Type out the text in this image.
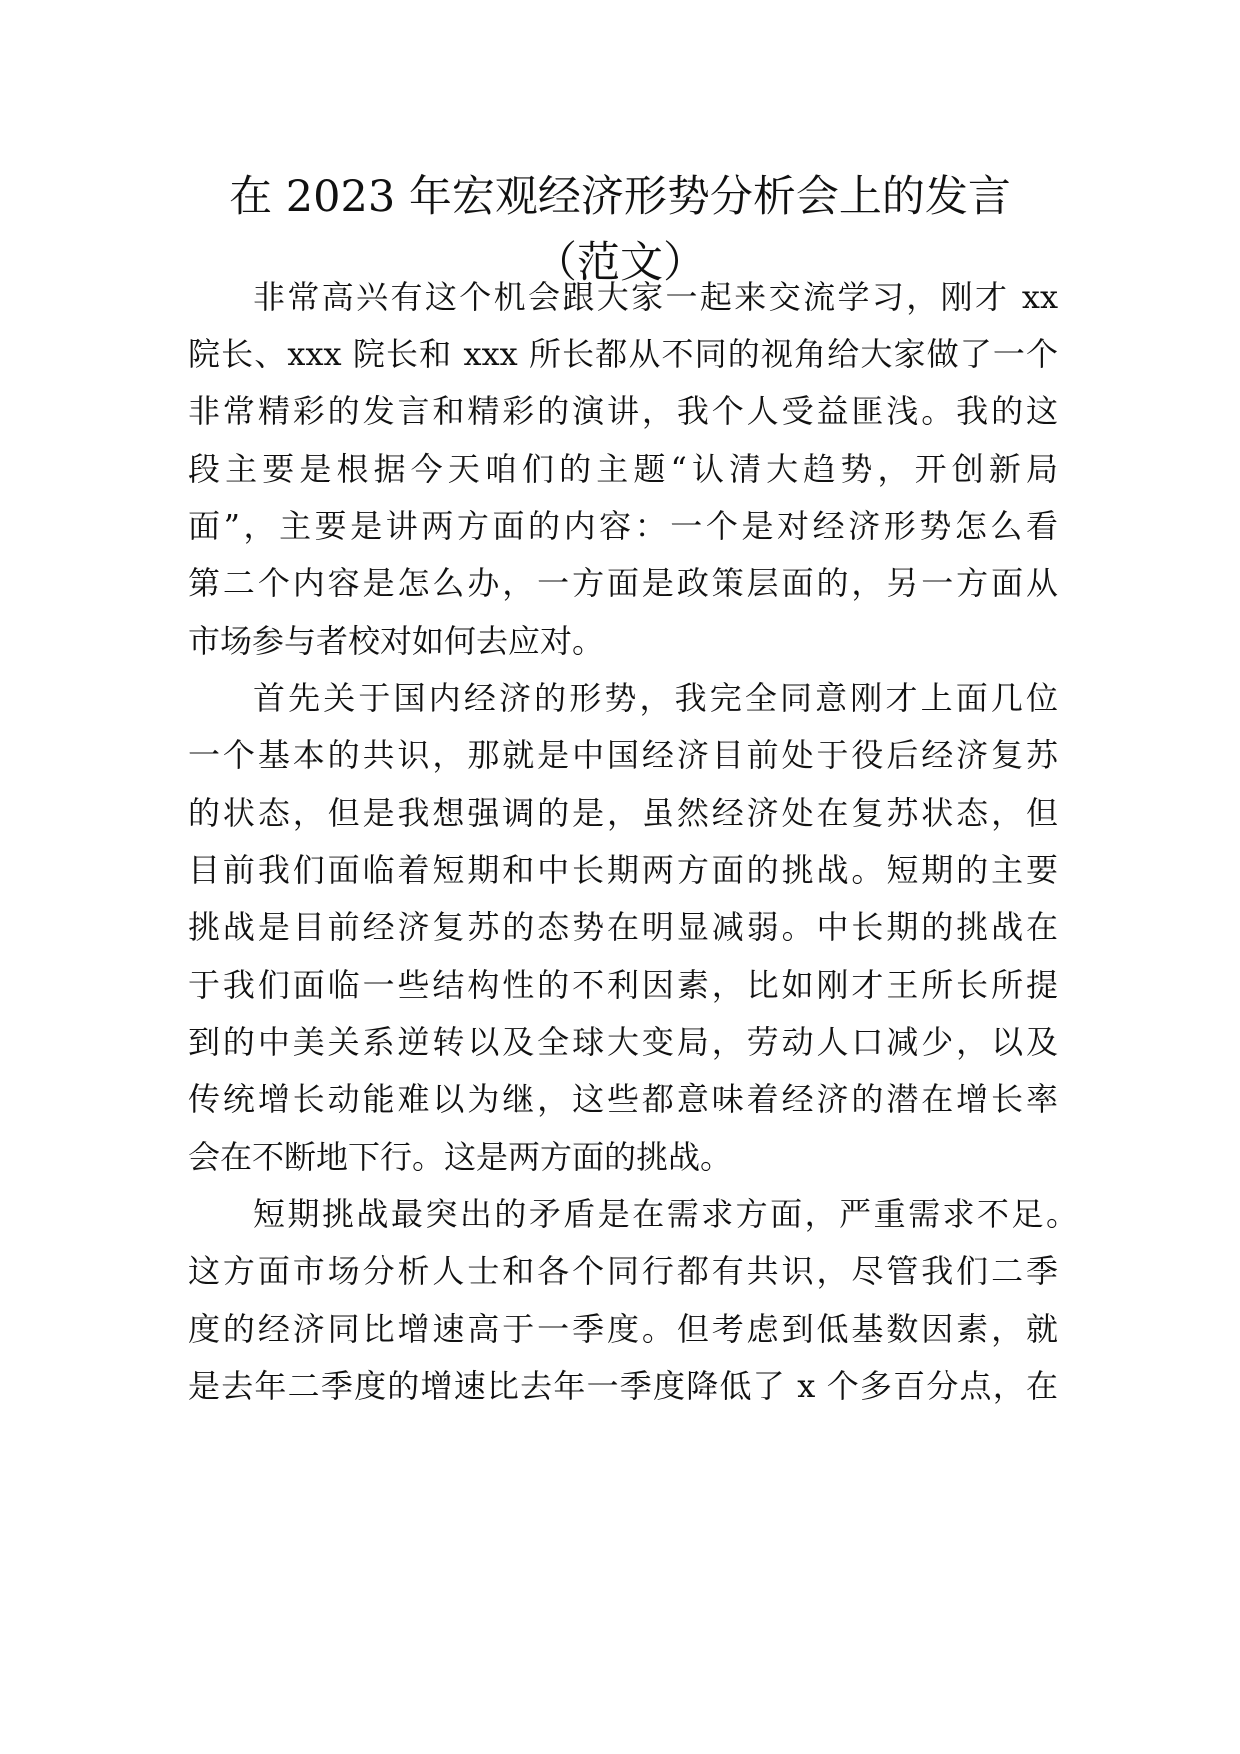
在 2023 年宏观经济形势分析会上的发言
（范文）
非常高兴有这个机会跟大家一起来交流学习，刚才 xx
院长、xxx 院长和 xxx 所长都从不同的视角给大家做了一个
非常精彩的发言和精彩的演讲，我个人受益匪浅。我的这
段主要是根据今天咱们的主题“认清大趋势，开创新局
面”，主要是讲两方面的内容：一个是对经济形势怎么看
第二个内容是怎么办，一方面是政策层面的，另一方面从
市场参与者校对如何去应对。
首先关于国内经济的形势，我完全同意刚才上面几位
一个基本的共识，那就是中国经济目前处于役后经济复苏
的状态，但是我想强调的是，虽然经济处在复苏状态，但
目前我们面临着短期和中长期两方面的挑战。短期的主要
挑战是目前经济复苏的态势在明显减弱。中长期的挑战在
于我们面临一些结构性的不利因素，比如刚才王所长所提
到的中美关系逆转以及全球大变局，劳动人口减少，以及
传统增长动能难以为继，这些都意味着经济的潜在增长率
会在不断地下行。这是两方面的挑战。
短期挑战最突出的矛盾是在需求方面，严重需求不足。
这方面市场分析人士和各个同行都有共识，尽管我们二季
度的经济同比增速高于一季度。但考虑到低基数因素，就
是去年二季度的增速比去年一季度降低了 x 个多百分点，在
